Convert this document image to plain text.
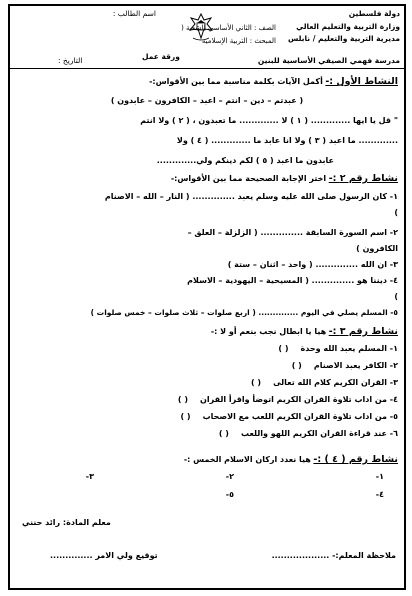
دولة فلسطين
وزارة التربية والتعليم العالي
مديرية التربية والتعليم / نابلس
اسم الطالب :
الصف : الثاني الأساسي الشعبة (
المبحث : التربية الإسلامية
ورقة عمل	مدرسة فهمي الصيفي الأساسية للبنين
التاريخ :
النشاط الأول :- أكمل الآيات بكلمة مناسبة مما بين الأقواس:-
( عبدتم – دين – انتم – اعبد – الكافرون – عابدون )
" قل يا ايها ............. ( ١ ) لا ............. ما تعبدون ، ( ٢ ) ولا انتم
............. ما اعبد ( ٣ ) ولا انا عابد ما ............. ( ٤ ) ولا
عابدون ما اعبد ( ٥ ) لكم دينكم ولي.............
نشاط رقم ٢ :- اختر الإجابة الصحيحة مما بين الأقواس:-
١- كان الرسول صلى الله عليه وسلم يعبد .............. ( النار – الله – الاصنام
)
٢- اسم السورة السابقة .............. ( الزلزلة – العلق –
الكافرون )
٣- ان الله .............. ( واحد – اثنان – ستة )
٤- ديننا هو .............. ( المسيحية – اليهودية – الاسلام
)
٥- المسلم يصلي في اليوم .............. ( اربع صلوات – ثلاث صلوات – خمس صلوات )
نشاط رقم ٣ :- هيا يا ابطال نجب بنعم أو لا :-
١- المسلم يعبد الله وحدة( )
٢- الكافر يعبد الاصنام( )
٣- القران الكريم كلام الله تعالى( )
٤- من اداب تلاوة القران الكريم اتوضأ واقرأ القران( )
٥- من اداب تلاوة القران الكريم اللعب مع الاصحاب( )
٦- عند قراءة القران الكريم اللهو واللعب( )
نشاط رقم ( ٤ ) :- هيا نعدد اركان الاسلام الخمس :-
١-
٢-
٣-
٤-
٥-
معلم المادة: رائد حنني
ملاحظة المعلم:- ...................
توقيع ولي الامر ..............
